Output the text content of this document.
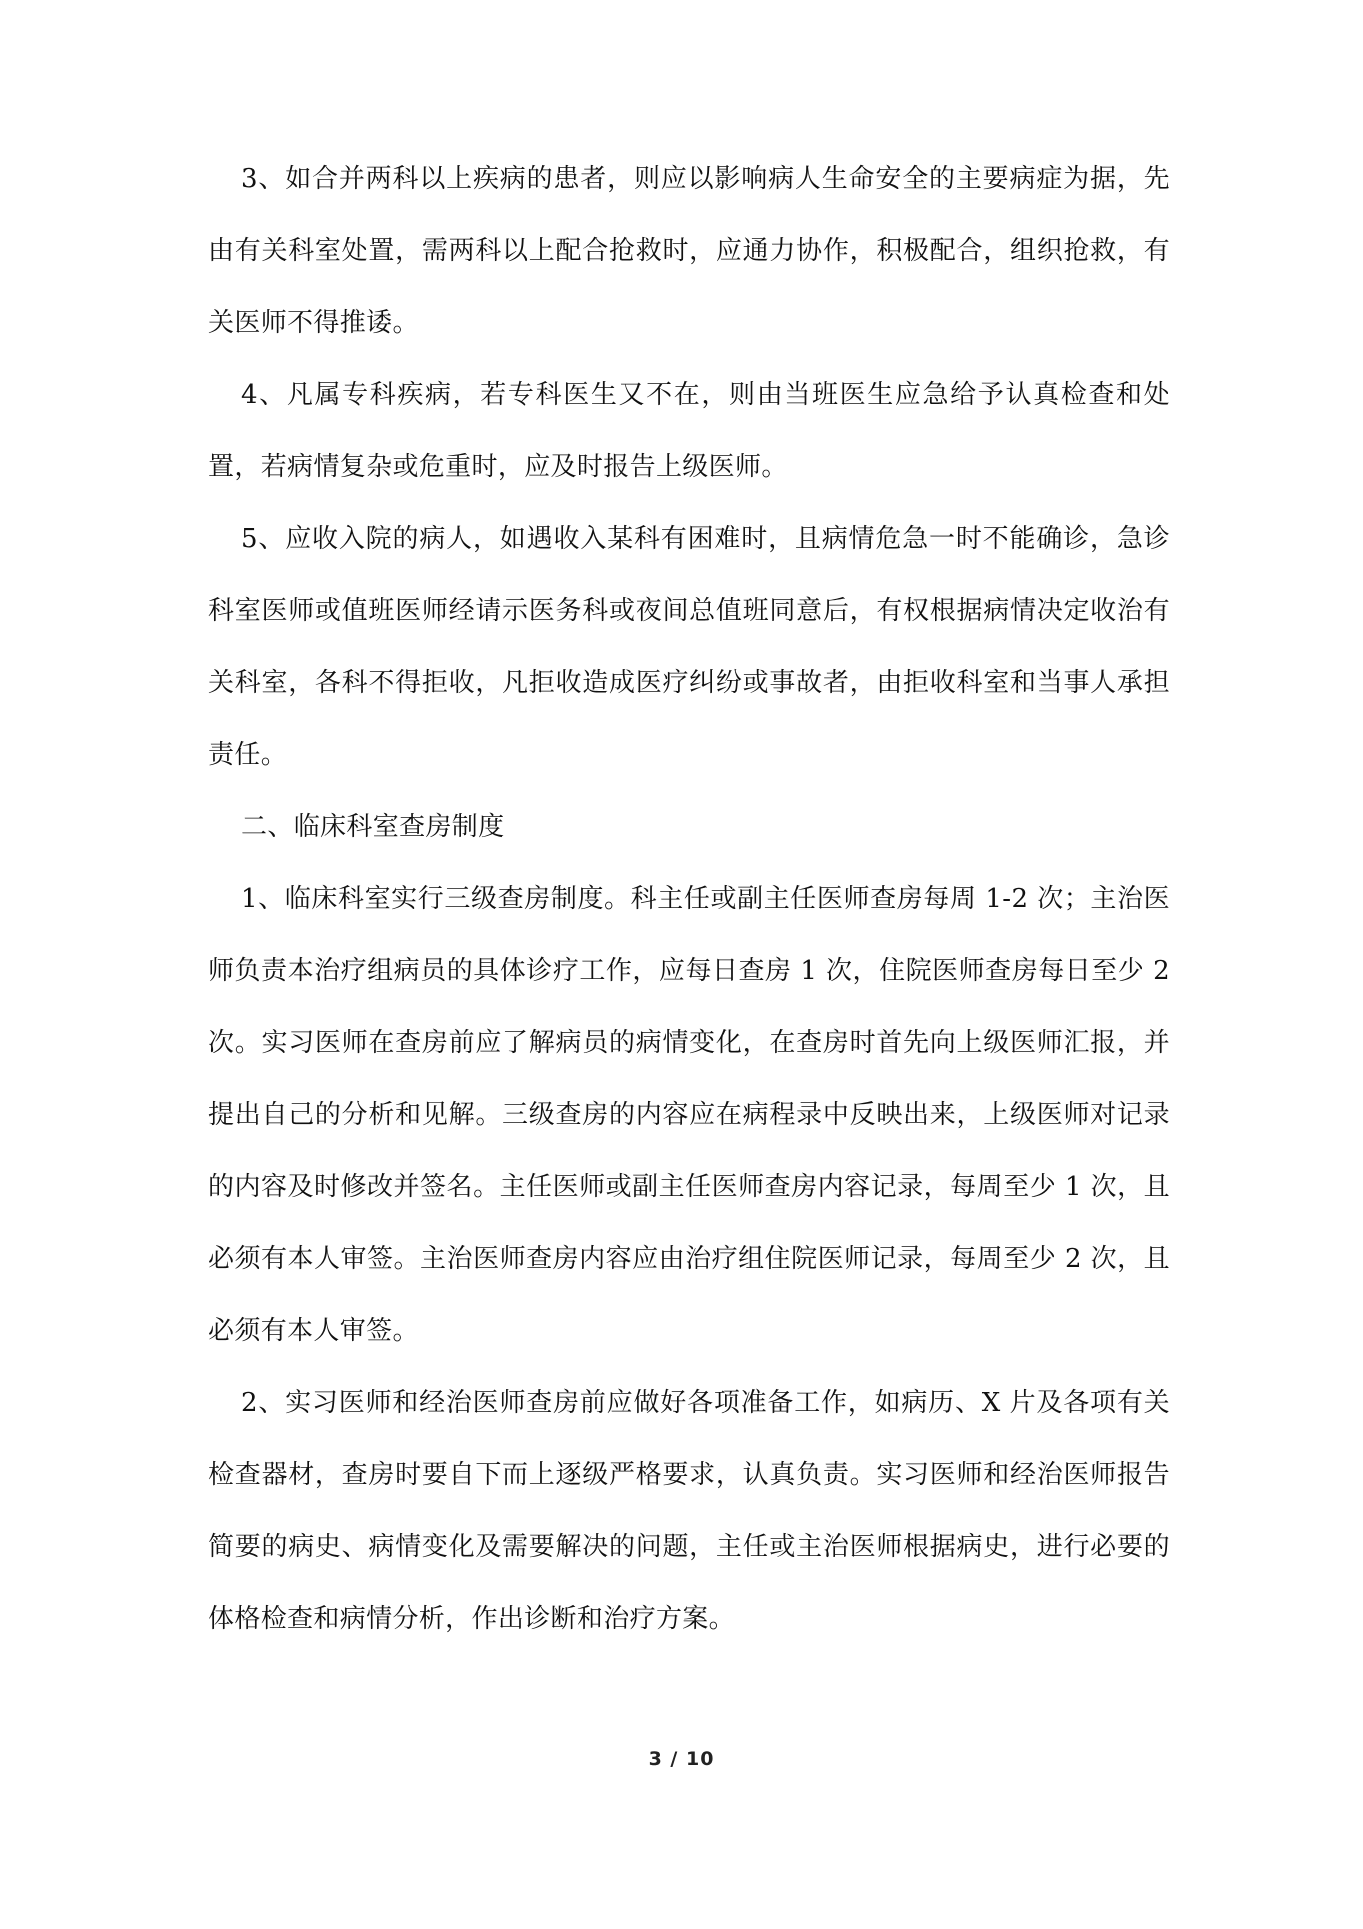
3、如合并两科以上疾病的患者，则应以影响病人生命安全的主要病症为据，先由有关科室处置，需两科以上配合抢救时，应通力协作，积极配合，组织抢救，有关医师不得推诿。

4、凡属专科疾病，若专科医生又不在，则由当班医生应急给予认真检查和处置，若病情复杂或危重时，应及时报告上级医师。

5、应收入院的病人，如遇收入某科有困难时，且病情危急一时不能确诊，急诊科室医师或值班医师经请示医务科或夜间总值班同意后，有权根据病情决定收治有关科室，各科不得拒收，凡拒收造成医疗纠纷或事故者，由拒收科室和当事人承担责任。

二、临床科室查房制度

1、临床科室实行三级查房制度。科主任或副主任医师查房每周 1-2 次；主治医师负责本治疗组病员的具体诊疗工作，应每日查房 1 次，住院医师查房每日至少 2 次。实习医师在查房前应了解病员的病情变化，在查房时首先向上级医师汇报，并提出自己的分析和见解。三级查房的内容应在病程录中反映出来，上级医师对记录的内容及时修改并签名。主任医师或副主任医师查房内容记录，每周至少 1 次，且必须有本人审签。主治医师查房内容应由治疗组住院医师记录，每周至少 2 次，且必须有本人审签。

2、实习医师和经治医师查房前应做好各项准备工作，如病历、X 片及各项有关检查器材，查房时要自下而上逐级严格要求，认真负责。实习医师和经治医师报告简要的病史、病情变化及需要解决的问题，主任或主治医师根据病史，进行必要的体格检查和病情分析，作出诊断和治疗方案。

3 / 10
